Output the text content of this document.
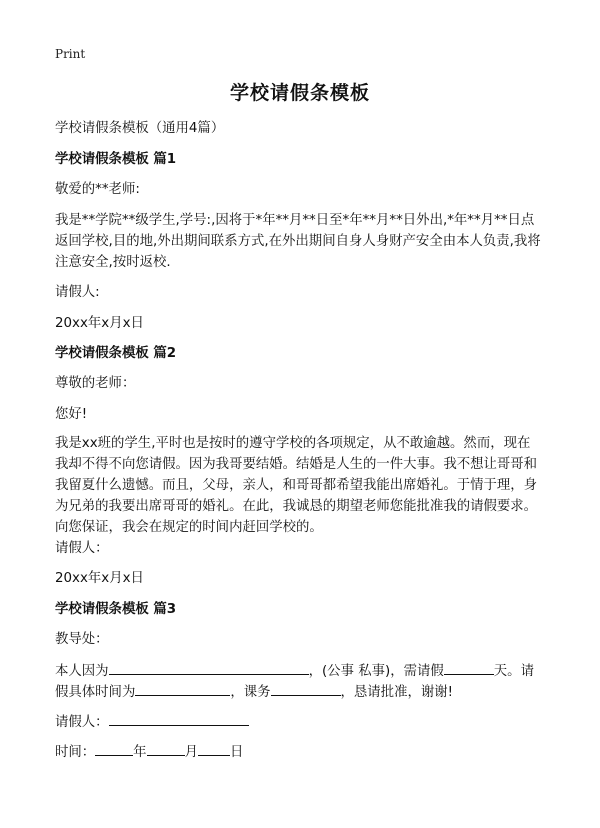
Print
学校请假条模板
学校请假条模板（通用4篇）
学校请假条模板 篇1
敬爱的**老师:
我是**学院**级学生,学号:,因将于*年**月**日至*年**月**日外出,*年**月**日点
返回学校,目的地,外出期间联系方式,在外出期间自身人身财产安全由本人负责,我将
注意安全,按时返校.
请假人:
20xx年x月x日
学校请假条模板 篇2
尊敬的老师：
您好!
我是xx班的学生,平时也是按时的遵守学校的各项规定，从不敢逾越。然而，现在
我却不得不向您请假。因为我哥要结婚。结婚是人生的一件大事。我不想让哥哥和
我留夏什么遗憾。而且，父母，亲人，和哥哥都希望我能出席婚礼。于情于理，身
为兄弟的我要出席哥哥的婚礼。在此，我诚恳的期望老师您能批准我的请假要求。
向您保证，我会在规定的时间内赶回学校的。
请假人：
20xx年x月x日
学校请假条模板 篇3
教导处：
本人因为	，(公事 私事)，需请假	天。请
假具体时间为	，课务	，恳请批准，谢谢!
请假人：
时间：	年	月 日
